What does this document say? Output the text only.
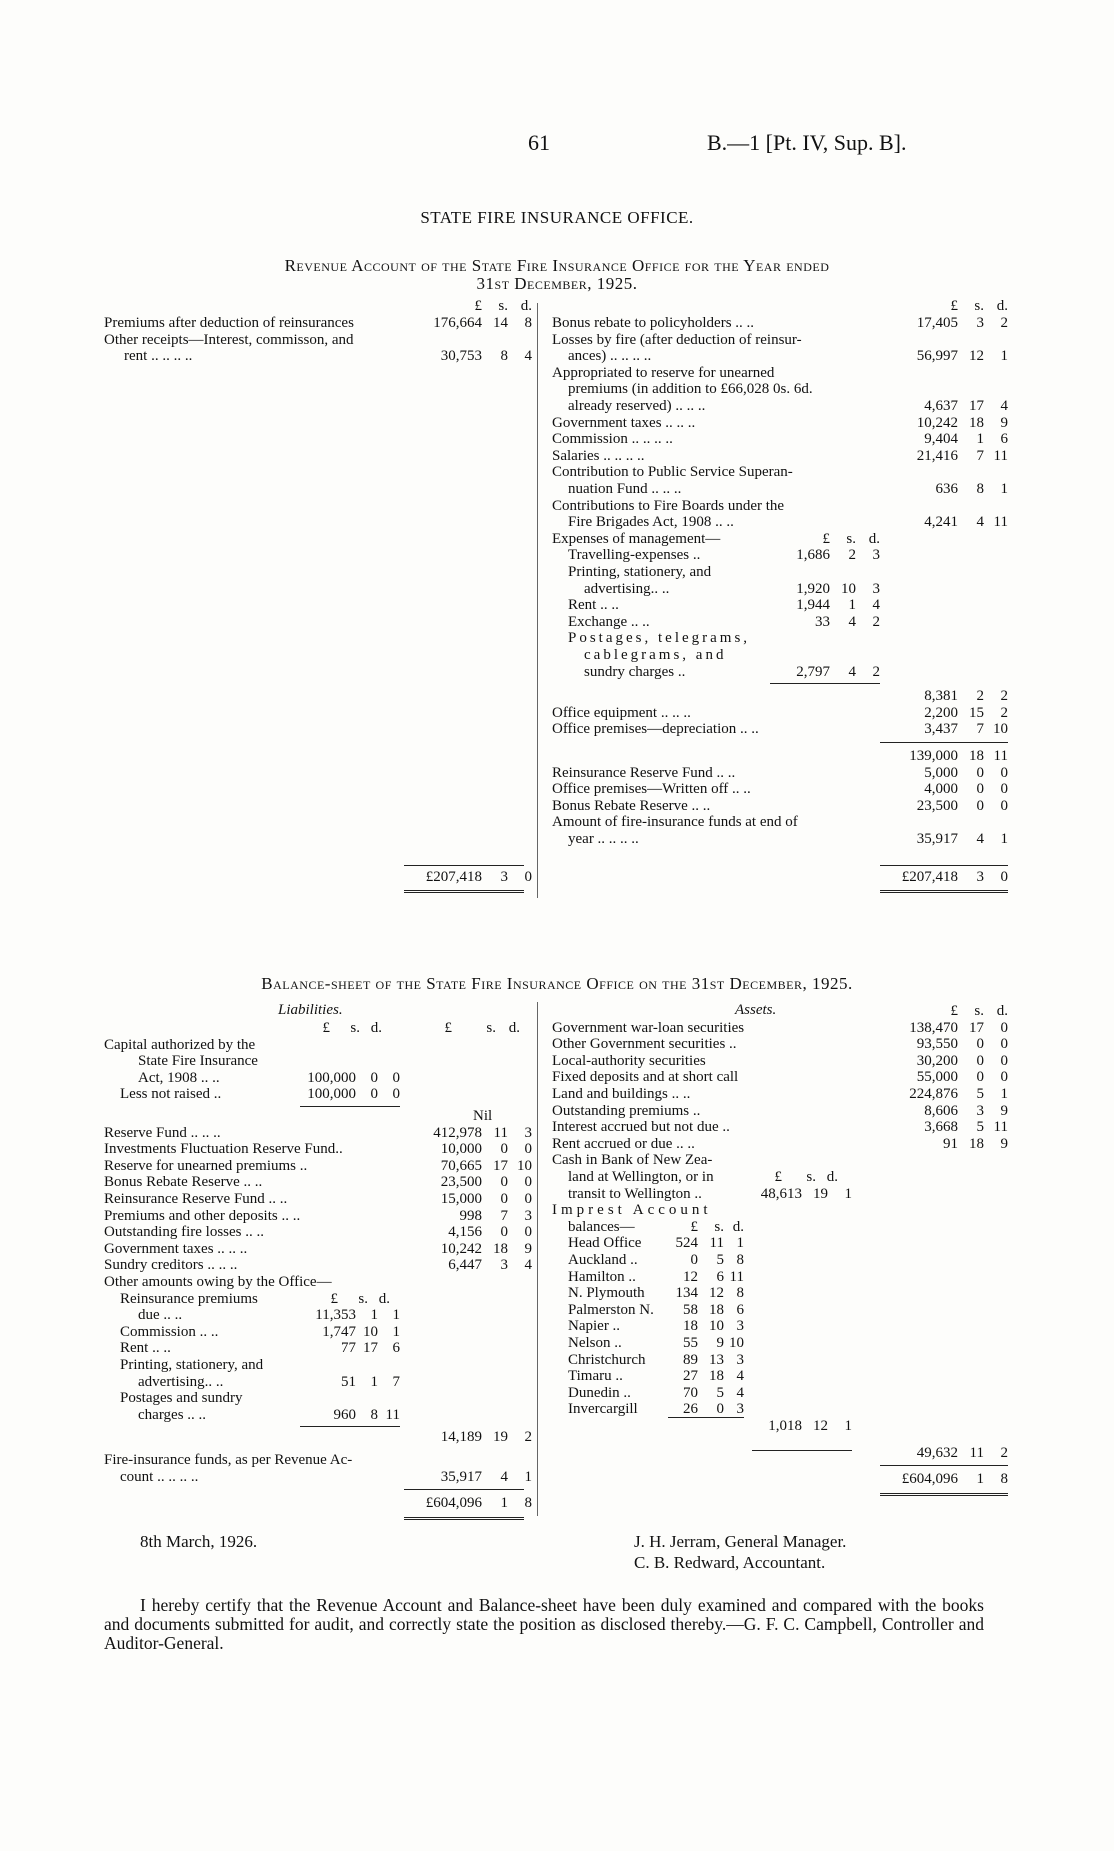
61	B.—1 [Pt. IV, Sup. B].
STATE FIRE INSURANCE OFFICE.
Revenue Account of the State Fire Insurance Office for the Year ended
31st December, 1925.
£ s. d.	£ s. d.
Premiums after deduction of reinsurances	176,664 14 8
Other receipts—Interest, commisson, and
rent .. .. .. ..	30,753 8 4
£207,418 3 0
Bonus rebate to policyholders .. ..	17,405 3 2
Losses by fire (after deduction of reinsur-
ances) .. .. .. ..	56,997 12 1
Appropriated to reserve for unearned
premiums (in addition to £66,028 0s. 6d.
already reserved) .. .. ..	4,637 17 4
Government taxes .. .. ..	10,242 18 9
Commission .. .. .. ..	9,404 1 6
Salaries .. .. .. ..	21,416 7 11
Contribution to Public Service Superan-
nuation Fund .. .. ..	636 8 1
Contributions to Fire Boards under the
Fire Brigades Act, 1908 .. ..	4,241 4 11
Expenses of management—	£ s. d.
Travelling-expenses ..	1,686 2 3
Printing, stationery, and
advertising.. ..	1,920 10 3
Rent .. ..	1,944 1 4
Exchange .. ..	33 4 2
Postages, telegrams,
cablegrams, and
sundry charges ..	2,797 4 2
8,381 2 2
Office equipment .. .. ..	2,200 15 2
Office premises—depreciation .. ..	3,437 7 10
139,000 18 11
Reinsurance Reserve Fund .. ..	5,000 0 0
Office premises—Written off .. ..	4,000 0 0
Bonus Rebate Reserve .. ..	23,500 0 0
Amount of fire-insurance funds at end of
year .. .. .. ..	35,917 4 1
£207,418 3 0
Balance-sheet of the State Fire Insurance Office on the 31st December, 1925.
Liabilities.	Assets.
£ s. d.	£ s. d.
Capital authorized by the
State Fire Insurance
Act, 1908 .. ..	100,000 0 0
Less not raised ..	100,000 0 0
Nil
Reserve Fund .. .. ..	412,978 11 3
Investments Fluctuation Reserve Fund..	10,000 0 0
Reserve for unearned premiums ..	70,665 17 10
Bonus Rebate Reserve .. ..	23,500 0 0
Reinsurance Reserve Fund .. ..	15,000 0 0
Premiums and other deposits .. ..	998 7 3
Outstanding fire losses .. ..	4,156 0 0
Government taxes .. .. ..	10,242 18 9
Sundry creditors .. .. ..	6,447 3 4
Other amounts owing by the Office—
£ s. d.
Reinsurance premiums
due .. ..	11,353 1 1
Commission .. ..	1,747 10 1
Rent .. ..	77 17 6
Printing, stationery, and
advertising.. ..	51 1 7
Postages and sundry
charges .. ..	960 8 11
14,189 19 2
Fire-insurance funds, as per Revenue Ac-
count .. .. .. ..	35,917 4 1
£604,096 1 8
£ s. d.
Government war-loan securities	138,470 17 0
Other Government securities ..	93,550 0 0
Local-authority securities	30,200 0 0
Fixed deposits and at short call	55,000 0 0
Land and buildings .. ..	224,876 5 1
Outstanding premiums ..	8,606 3 9
Interest accrued but not due ..	3,668 5 11
Rent accrued or due .. ..	91 18 9
Cash in Bank of New Zea-
land at Wellington, or in	£ s. d.
transit to Wellington ..	48,613 19 1
Imprest Account
balances—	£ s. d.
Head Office	524 11 1
Auckland ..	0 5 8
Hamilton ..	12 6 11
N. Plymouth	134 12 8
Palmerston N.	58 18 6
Napier ..	18 10 3
Nelson ..	55 9 10
Christchurch	89 13 3
Timaru ..	27 18 4
Dunedin ..	70 5 4
Invercargill	26 0 3
1,018 12 1
49,632 11 2
£604,096 1 8
8th March, 1926.	J. H. Jerram, General Manager.
C. B. Redward, Accountant.
I hereby certify that the Revenue Account and Balance-sheet have been duly examined and compared with the books and documents submitted for audit, and correctly state the position as disclosed thereby.—G. F. C. Campbell, Controller and Auditor-General.
